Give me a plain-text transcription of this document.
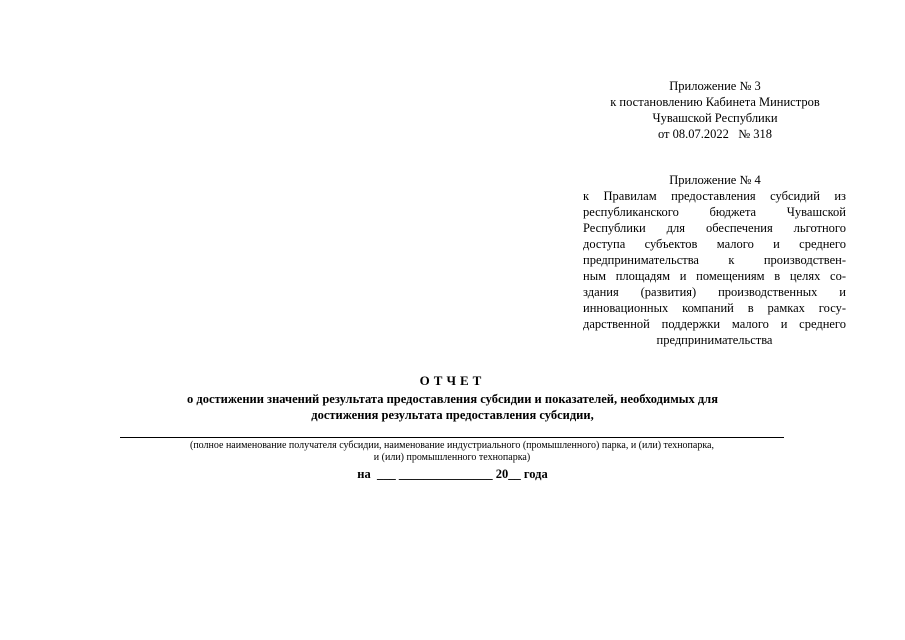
Приложение № 3
к постановлению Кабинета Министров
Чувашской Республики
от 08.07.2022   № 318
Приложение № 4
к Правилам предоставления субсидий из
республиканского бюджета Чувашской
Республики для обеспечения льготного
доступа субъектов малого и среднего
предпринимательства к производствен-
ным площадям и помещениям в целях со-
здания (развития) производственных и
инновационных компаний в рамках госу-
дарственной поддержки малого и среднего
предпринимательства
ОТЧЕТ
о достижении значений результата предоставления субсидии и показателей, необходимых для
достижения результата предоставления субсидии,
(полное наименование получателя субсидии, наименование индустриального (промышленного) парка, и (или) технопарка,
и (или) промышленного технопарка)
на  ___ _______________ 20__ года
